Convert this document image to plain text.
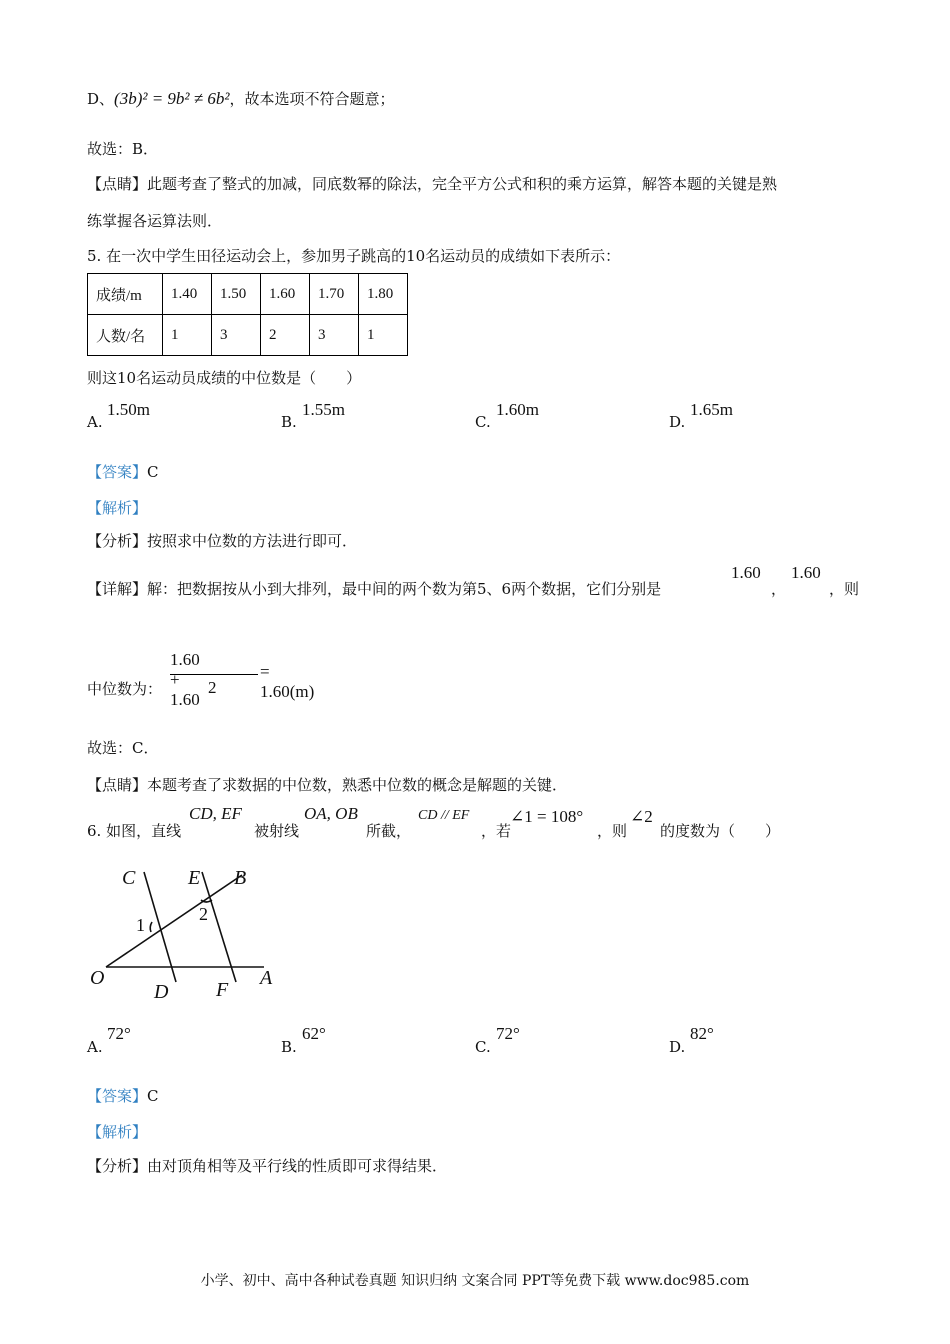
D、(3b)² = 9b² ≠ 6b²，故本选项不符合题意；
故选：B．
【点睛】此题考查了整式的加减，同底数幂的除法，完全平方公式和积的乘方运算，解答本题的关键是熟
练掌握各运算法则．
5. 在一次中学生田径运动会上，参加男子跳高的10名运动员的成绩如下表所示：
成绩/m	1.40	1.50	1.60	1.70	1.80
人数/名	1	3	2	3	1
则这10名运动员成绩的中位数是（　　）
A.
1.50m
B.
1.55m
C.
1.60m
D.
1.65m
【答案】C
【解析】
【分析】按照求中位数的方法进行即可．
【详解】解：把数据按从小到大排列，最中间的两个数为第5、6两个数据，它们分别是
1.60
，
1.60
，则
中位数为：
1.60 + 1.60
2
= 1.60(m)
故选：C．
【点睛】本题考查了求数据的中位数，熟悉中位数的概念是解题的关键．
6. 如图，直线
CD, EF
被射线
OA, OB
所截，
CD // EF
，若
∠1 = 108°
，则
∠2
的度数为（　　）
C	E B
O
D F
A
1
2
A.
72°
B.
62°
C.
72°
D.
82°
【答案】C
【解析】
【分析】由对顶角相等及平行线的性质即可求得结果．
小学、初中、高中各种试卷真题 知识归纳 文案合同 PPT等免费下载 www.doc985.com
